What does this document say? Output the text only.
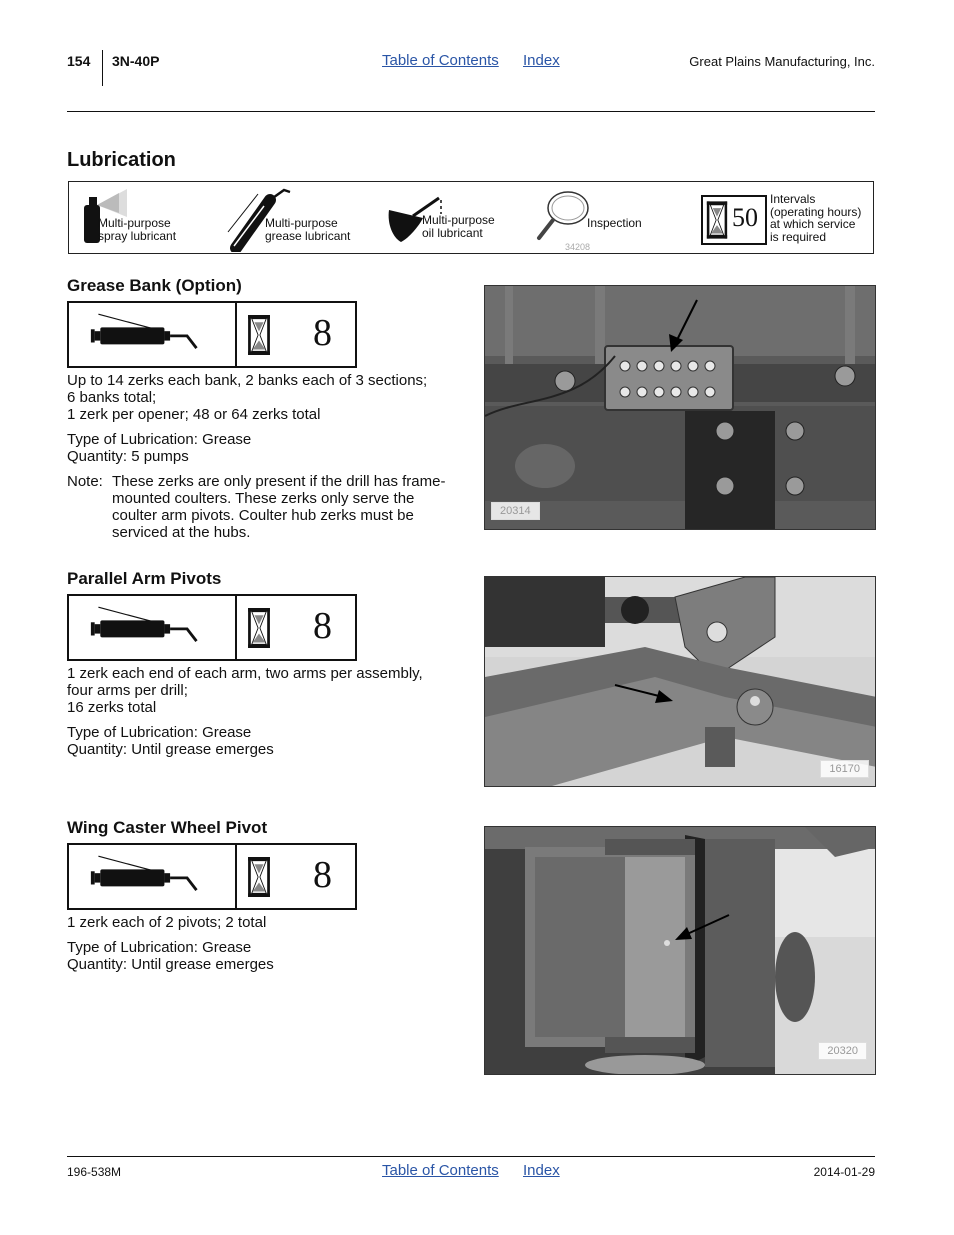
154 3N-40P	Table of Contents Index	Great Plains Manufacturing, Inc.
Lubrication
Multi-purpose
spray lubricant
Multi-purpose
grease lubricant
Multi-purpose
oil lubricant
Inspection
34208
50
Intervals
(operating hours)
at which service
is required
Grease Bank (Option)
8
Up to 14 zerks each bank, 2 banks each of 3 sections;
6 banks total;
1 zerk per opener; 48 or 64 zerks total
Type of Lubrication: Grease
Quantity: 5 pumps
Note: These zerks are only present if the drill has frame-mounted coulters. These zerks only serve the coulter arm pivots. Coulter hub zerks must be serviced at the hubs.
20314
Parallel Arm Pivots
8
1 zerk each end of each arm, two arms per assembly,
four arms per drill;
16 zerks total
Type of Lubrication: Grease
Quantity: Until grease emerges
16170
Wing Caster Wheel Pivot
8
1 zerk each of 2 pivots; 2 total
Type of Lubrication: Grease
Quantity: Until grease emerges
20320
196-538M	Table of Contents Index	2014-01-29
